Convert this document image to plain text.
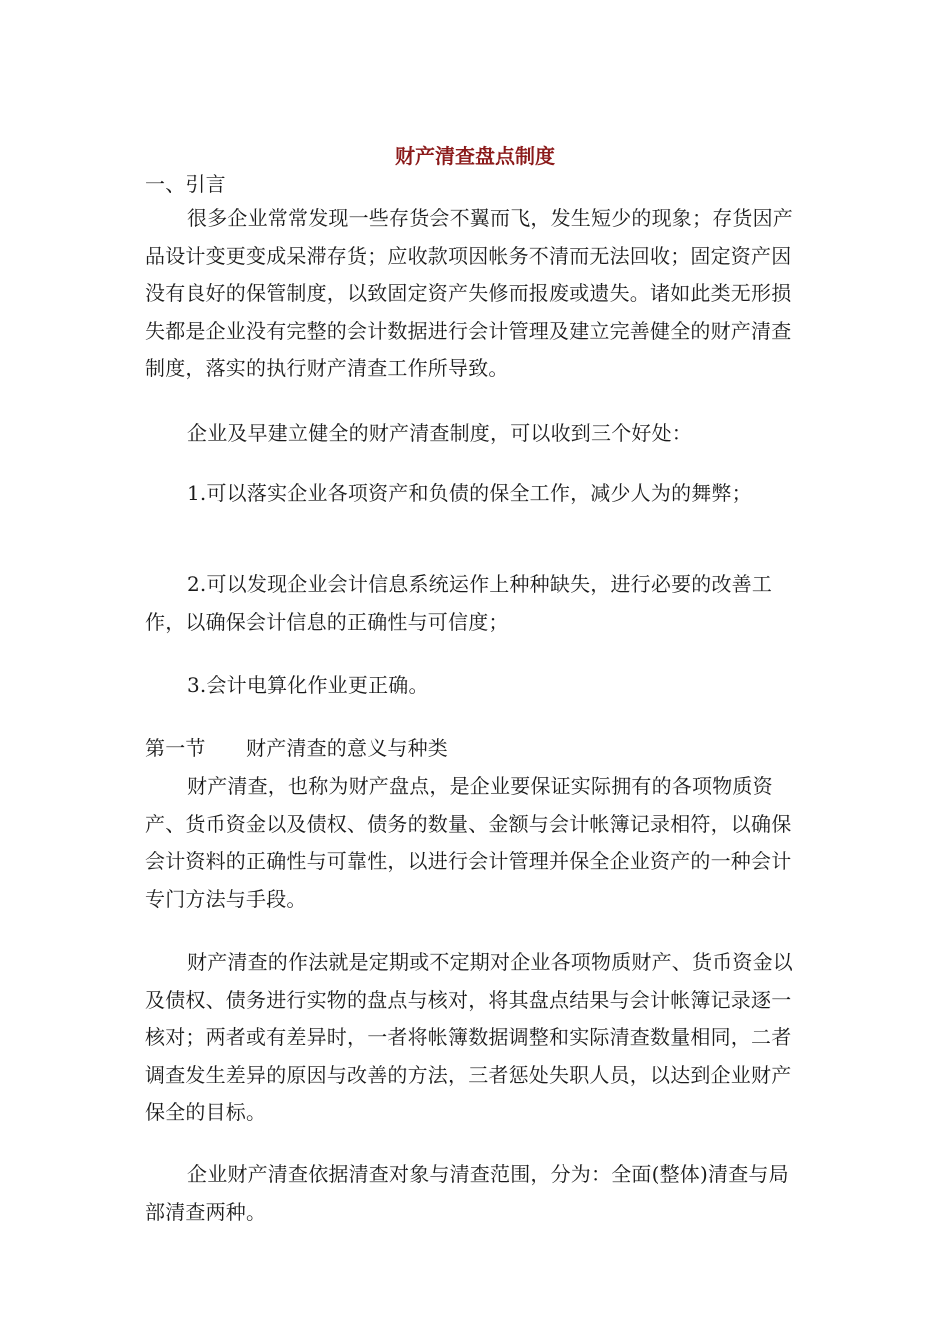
财产清查盘点制度

一、引言

很多企业常常发现一些存货会不翼而飞，发生短少的现象；存货因产品设计变更变成呆滞存货；应收款项因帐务不清而无法回收；固定资产因没有良好的保管制度，以致固定资产失修而报废或遗失。诸如此类无形损失都是企业没有完整的会计数据进行会计管理及建立完善健全的财产清查制度，落实的执行财产清查工作所导致。

企业及早建立健全的财产清查制度，可以收到三个好处：

1.可以落实企业各项资产和负债的保全工作，减少人为的舞弊；

2.可以发现企业会计信息系统运作上种种缺失，进行必要的改善工作，以确保会计信息的正确性与可信度；

3.会计电算化作业更正确。

第一节　　财产清查的意义与种类

财产清查，也称为财产盘点，是企业要保证实际拥有的各项物质资产、货币资金以及债权、债务的数量、金额与会计帐簿记录相符，以确保会计资料的正确性与可靠性，以进行会计管理并保全企业资产的一种会计专门方法与手段。

财产清查的作法就是定期或不定期对企业各项物质财产、货币资金以及债权、债务进行实物的盘点与核对，将其盘点结果与会计帐簿记录逐一核对；两者或有差异时，一者将帐簿数据调整和实际清查数量相同，二者调查发生差异的原因与改善的方法，三者惩处失职人员，以达到企业财产保全的目标。

企业财产清查依据清查对象与清查范围，分为：全面(整体)清查与局部清查两种。
